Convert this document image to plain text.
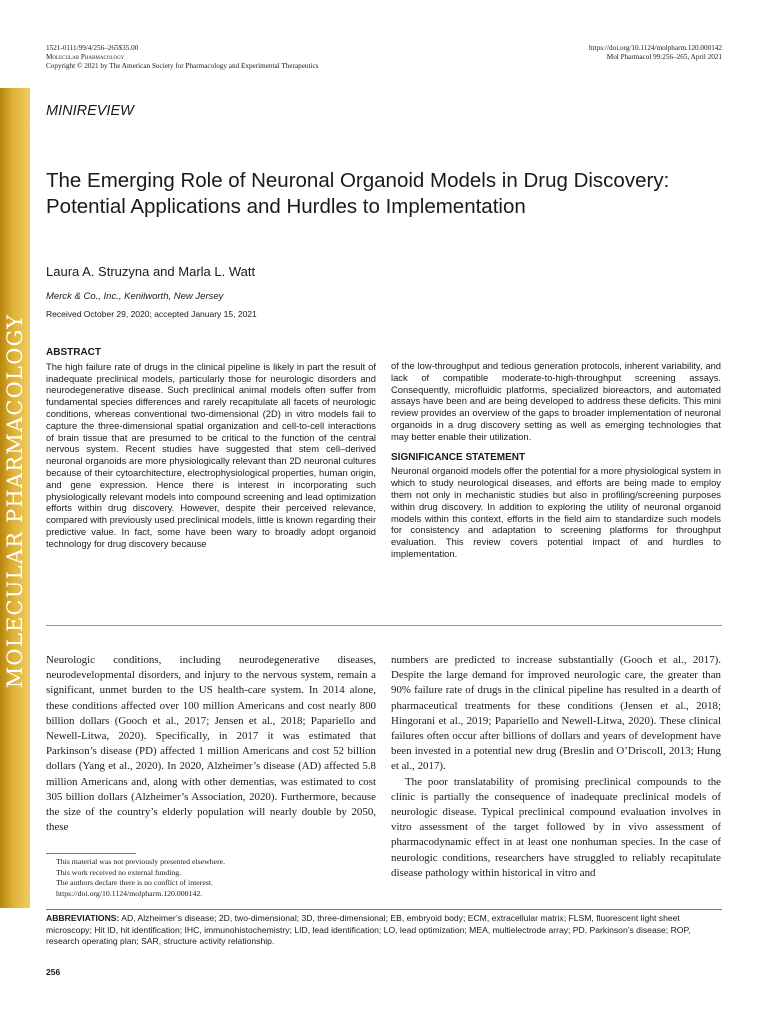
MOLECULAR PHARMACOLOGY
1521-0111/99/4/256–265$35.00
Molecular Pharmacology
Copyright © 2021 by The American Society for Pharmacology and Experimental Therapeutics
https://doi.org/10.1124/molpharm.120.000142
Mol Pharmacol 99:256–265, April 2021
MINIREVIEW
The Emerging Role of Neuronal Organoid Models in Drug Discovery: Potential Applications and Hurdles to Implementation
Laura A. Struzyna and Marla L. Watt
Merck & Co., Inc., Kenilworth, New Jersey
Received October 29, 2020; accepted January 15, 2021
ABSTRACT

The high failure rate of drugs in the clinical pipeline is likely in part the result of inadequate preclinical models, particularly those for neurologic disorders and neurodegenerative disease. Such preclinical animal models often suffer from fundamental species differences and rarely recapitulate all facets of neurologic conditions, whereas conventional two-dimensional (2D) in vitro models fail to capture the three-dimensional spatial organization and cell-to-cell interactions of brain tissue that are presumed to be critical to the function of the central nervous system. Recent studies have suggested that stem cell–derived neuronal organoids are more physiologically relevant than 2D neuronal cultures because of their cytoarchitecture, electrophysiological properties, human origin, and gene expression. Hence there is interest in incorporating such physiologically relevant models into compound screening and lead optimization efforts within drug discovery. However, despite their perceived relevance, compared with previously used preclinical models, little is known regarding their predictive value. In fact, some have been wary to broadly adopt organoid technology for drug discovery because

of the low-throughput and tedious generation protocols, inherent variability, and lack of compatible moderate-to-high-throughput screening assays. Consequently, microfluidic platforms, specialized bioreactors, and automated assays have been and are being developed to address these deficits. This mini review provides an overview of the gaps to broader implementation of neuronal organoids in a drug discovery setting as well as emerging technologies that may better enable their utilization.

SIGNIFICANCE STATEMENT

Neuronal organoid models offer the potential for a more physiological system in which to study neurological diseases, and efforts are being made to employ them not only in mechanistic studies but also in profiling/screening purposes within drug discovery. In addition to exploring the utility of neuronal organoid models within this context, efforts in the field aim to standardize such models for consistency and adaptation to screening platforms for throughput evaluation. This review covers potential impact of and hurdles to implementation.

Neurologic conditions, including neurodegenerative diseases, neurodevelopmental disorders, and injury to the nervous system, remain a significant, unmet burden to the US health-care system. In 2014 alone, these conditions affected over 100 million Americans and cost nearly 800 billion dollars (Gooch et al., 2017; Jensen et al., 2018; Papariello and Newell-Litwa, 2020). Specifically, in 2017 it was estimated that Parkinson’s disease (PD) affected 1 million Americans and cost 52 billion dollars (Yang et al., 2020). In 2020, Alzheimer’s disease (AD) affected 5.8 million Americans and, along with other dementias, was estimated to cost 305 billion dollars (Alzheimer’s Association, 2020). Furthermore, because the size of the country’s elderly population will nearly double by 2050, these

numbers are predicted to increase substantially (Gooch et al., 2017). Despite the large demand for improved neurologic care, the greater than 90% failure rate of drugs in the clinical pipeline has resulted in a dearth of pharmaceutical treatments for these conditions (Jensen et al., 2018; Hingorani et al., 2019; Papariello and Newell-Litwa, 2020). These clinical failures often occur after billions of dollars and years of development have been invested in a potential new drug (Breslin and O’Driscoll, 2013; Hung et al., 2017).

The poor translatability of promising preclinical compounds to the clinic is partially the consequence of inadequate preclinical models of neurologic disease. Typical preclinical compound evaluation involves in vitro assessment of the target followed by in vivo assessment of pharmacodynamic effect in at least one nonhuman species. In the case of neurologic conditions, researchers have struggled to reliably recapitulate disease pathology within historical in vitro and

This material was not previously presented elsewhere.
This work received no external funding.
The authors declare there is no conflict of interest.
https://doi.org/10.1124/molpharm.120.000142.
ABBREVIATIONS: AD, Alzheimer’s disease; 2D, two-dimensional; 3D, three-dimensional; EB, embryoid body; ECM, extracellular matrix; FLSM, fluorescent light sheet microscopy; Hit ID, hit identification; IHC, immunohistochemistry; LID, lead identification; LO, lead optimization; MEA, multielectrode array; PD, Parkinson’s disease; ROP, research operating plan; SAR, structure activity relationship.
256
